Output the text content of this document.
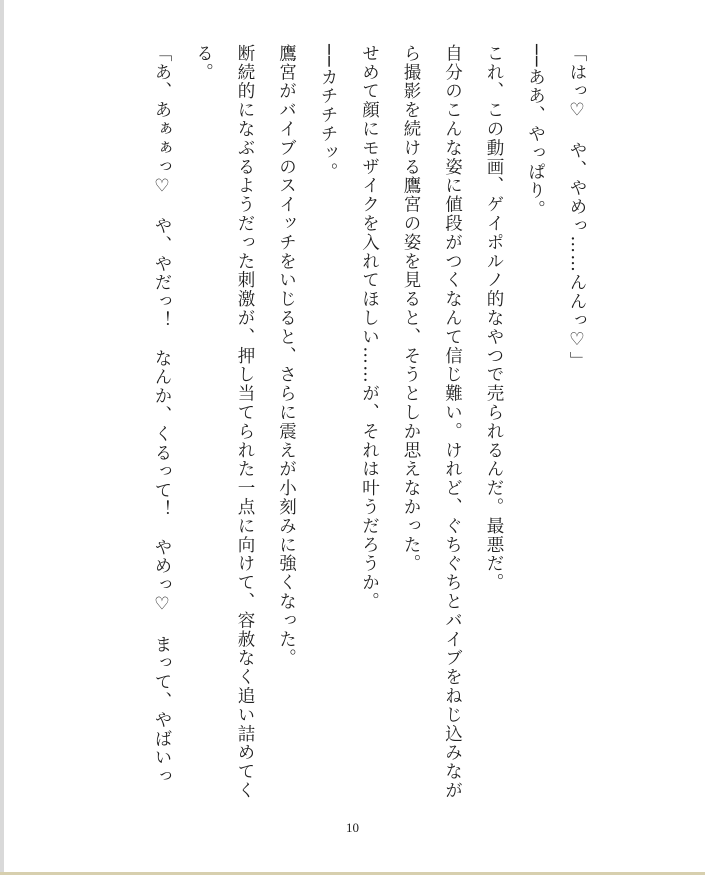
「はっ♡　や、やめっ……んんっ♡」
──ああ、やっぱり。
これ、この動画、ゲイポルノ的なやつで売られるんだ。最悪だ。
自分のこんな姿に値段がつくなんて信じ難い。けれど、ぐちぐちとバイブをねじ込みなが
ら撮影を続ける鷹宮の姿を見ると、そうとしか思えなかった。
せめて顔にモザイクを入れてほしい……が、それは叶うだろうか。
──カチチチッ。
鷹宮がバイブのスイッチをいじると、さらに震えが小刻みに強くなった。
断続的になぶるようだった刺激が、押し当てられた一点に向けて、容赦なく追い詰めてく
る。
「あ、あぁぁっ♡　や、やだっ！　なんか、くるって！　やめっ♡　まって、やばいっ
10
